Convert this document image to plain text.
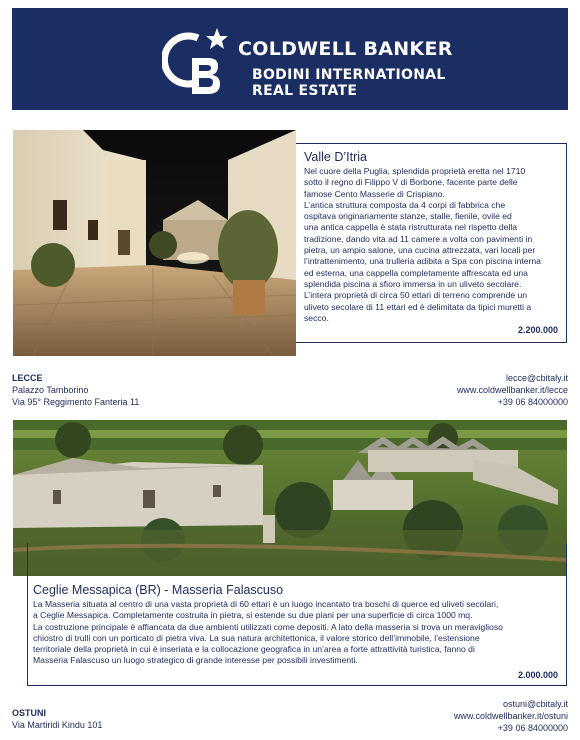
COLDWELL BANKER
BODINI INTERNATIONAL
REAL ESTATE
Valle D’Itria

Nel cuore della Puglia, splendida proprietà eretta nel 1710
sotto il regno di Filippo V di Borbone, facente parte delle
famose Cento Masserie di Crispiano.
L’antica struttura composta da 4 corpi di fabbrica che
ospitava originariamente stanze, stalle, fienile, ovile ed
una antica cappella è stata ristrutturata nel rispetto della
tradizione, dando vita ad 11 camere a volta con pavimenti in
pietra, un ampio salone, una cucina attrezzata, vari locali per
l’intrattenimento, una trulleria adibita a Spa con piscina interna
ed esterna, una cappella completamente affrescata ed una
splendida piscina a sfioro immersa in un uliveto secolare.
L’intera proprietà di circa 50 ettari di terreno comprende un
uliveto secolare di 11 ettari ed è delimitata da tipici muretti a
secco.

2.200.000
LECCE
Palazzo Tamborino
Via 95° Reggimento Fanteria 11
lecce@cbitaly.it
www.coldwellbanker.it/lecce
+39 06 84000000
Ceglie Messapica (BR) - Masseria Falascuso

La Masseria situata al centro di una vasta proprietà di 60 ettari è un luogo incantato tra boschi di querce ed uliveti secolari,
a Ceglie Messapica. Completamente costruita in pietra, si estende su due piani per una superficie di circa 1000 mq.
La costruzione principale è affiancata da due ambienti utilizzati come depositi. A lato della masseria si trova un meraviglioso
chiostro di trulli con un porticato di pietra viva. La sua natura architettonica, il valore storico dell’immobile, l’estensione
territoriale della proprietà in cui è inseriata e la collocazione geografica in un’area a forte attrattività turistica, fanno di
Masseria Falascuso un luogo strategico di grande interesse per possibili investimenti.

2.000.000
OSTUNI
Via Martiridi Kindu 101
ostuni@cbitaly.it
www.coldwellbanker.it/ostuni
+39 06 84000000
